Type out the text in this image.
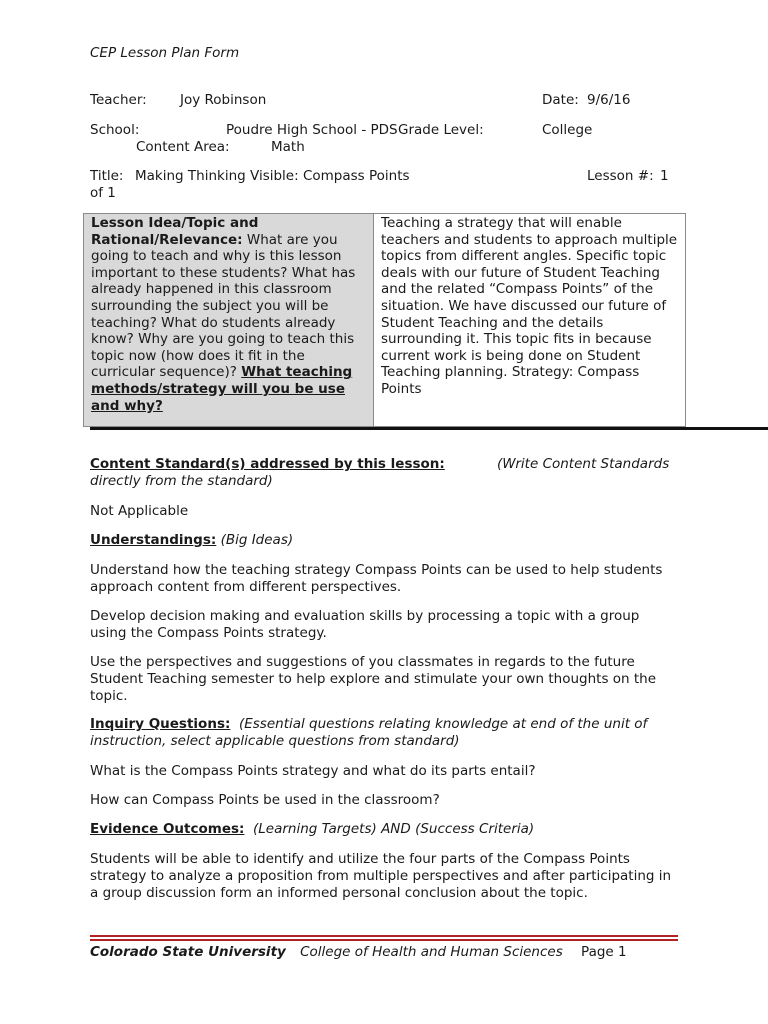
CEP Lesson Plan Form
Teacher: Joy Robinson	Date: 9/6/16
School:	Poudre High School - PDS Grade Level:	College
Content Area:	Math
Title: Making Thinking Visible: Compass Points	Lesson #: 1
of 1
Lesson Idea/Topic and Rational/Relevance: What are you going to teach and why is this lesson important to these students? What has already happened in this classroom surrounding the subject you will be teaching? What do students already know? Why are you going to teach this topic now (how does it fit in the curricular sequence)? What teaching methods/strategy will you be use and why?	Teaching a strategy that will enable teachers and students to approach multiple topics from different angles. Specific topic deals with our future of Student Teaching and the related “Compass Points” of the situation. We have discussed our future of Student Teaching and the details surrounding it. This topic fits in because current work is being done on Student Teaching planning. Strategy: Compass Points
Content Standard(s) addressed by this lesson:	(Write Content Standards
directly from the standard)
Not Applicable
Understandings: (Big Ideas)
Understand how the teaching strategy Compass Points can be used to help students approach content from different perspectives.
Develop decision making and evaluation skills by processing a topic with a group using the Compass Points strategy.
Use the perspectives and suggestions of you classmates in regards to the future Student Teaching semester to help explore and stimulate your own thoughts on the topic.
Inquiry Questions: (Essential questions relating knowledge at end of the unit of instruction, select applicable questions from standard)
What is the Compass Points strategy and what do its parts entail?
How can Compass Points be used in the classroom?
Evidence Outcomes: (Learning Targets) AND (Success Criteria)
Students will be able to identify and utilize the four parts of the Compass Points strategy to analyze a proposition from multiple perspectives and after participating in a group discussion form an informed personal conclusion about the topic.
Colorado State University College of Health and Human Sciences Page 1
